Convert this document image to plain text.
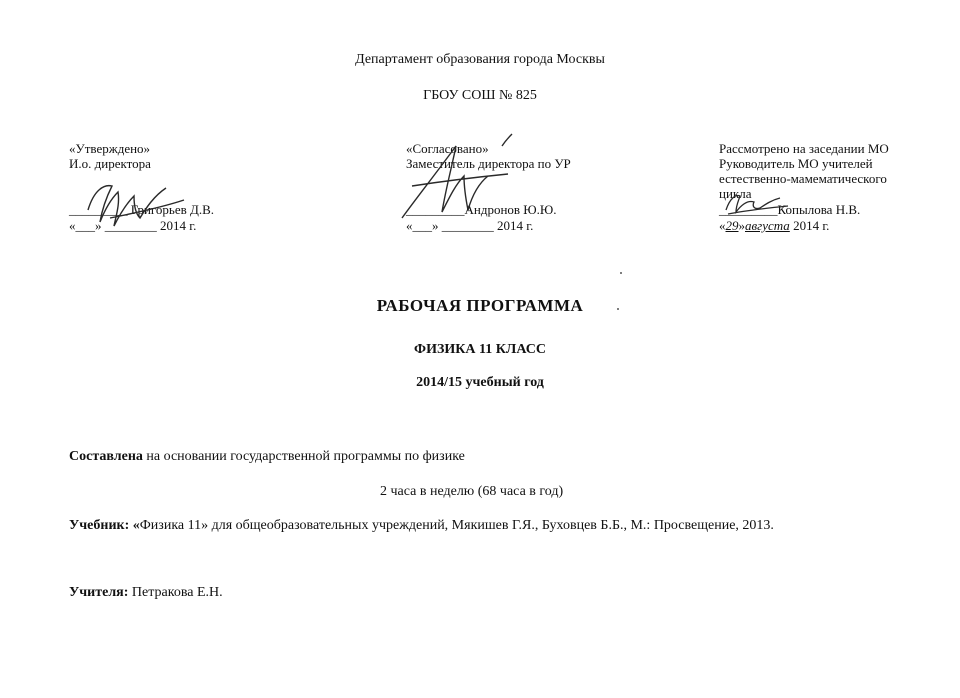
Департамент образования города Москвы
ГБОУ СОШ № 825
«Утверждено»
И.о. директора
_________ Григорьев Д.В.
«___» ________ 2014 г.
«Согласовано»
Заместитель директора по УР
_________Андронов Ю.Ю.
«___» ________ 2014 г.
Рассмотрено на заседании МО
Руководитель МО учителей
естественно-мамематического
цикла
_________Копылова Н.В.
«29»августа 2014 г.
РАБОЧАЯ ПРОГРАММА
ФИЗИКА 11 КЛАСС
2014/15 учебный год
Составлена на основании государственной программы по физике
2 часа в неделю (68 часа в год)
Учебник: «Физика 11» для общеобразовательных учреждений, Мякишев Г.Я., Буховцев Б.Б., М.: Просвещение, 2013.
Учителя: Петракова Е.Н.
